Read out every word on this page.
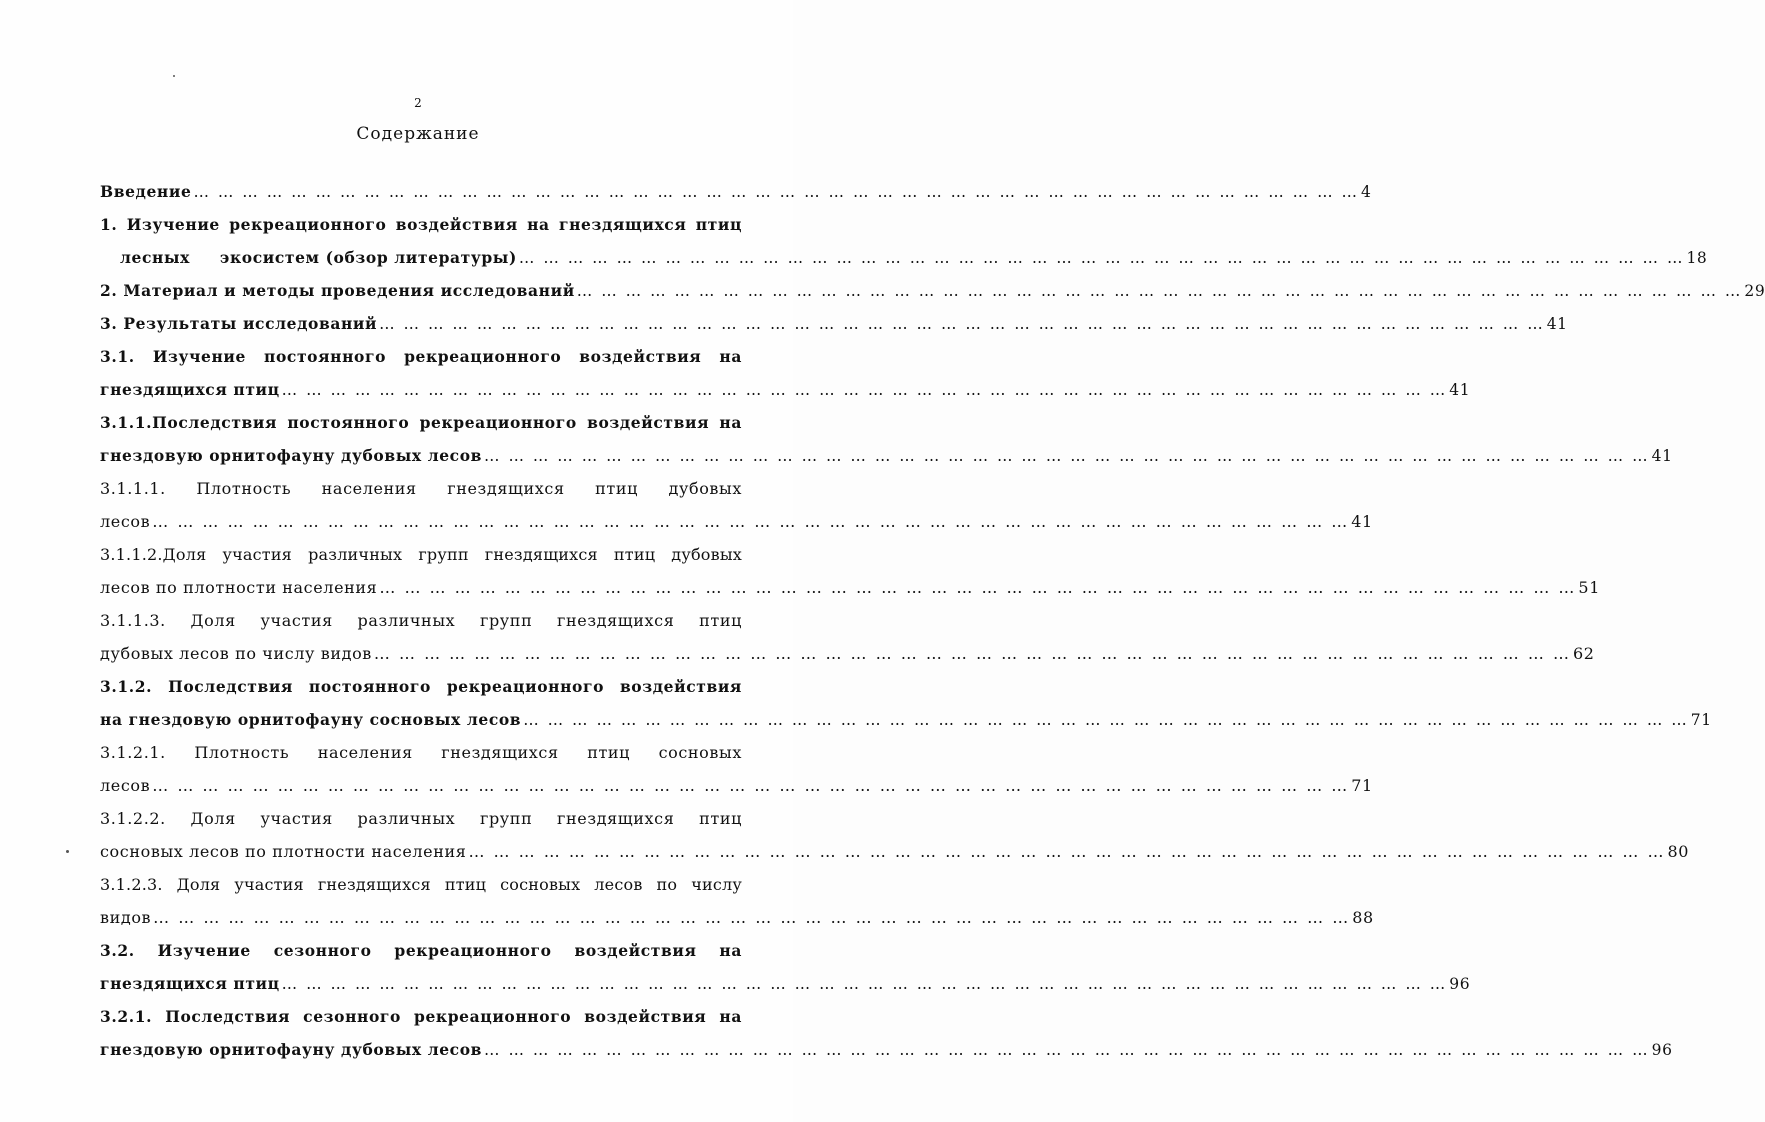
2
Содержание
Введение … … … … … … … … … … … … … … … … … … … … … … … … … … … … … … … … … … … … … … … … … … … … … … … … 4
1. Изучение рекреационного воздействия на гнездящихся птиц
лесных     экосистем (обзор литературы) … … … … … … … … … … … … … … … … … … … … … … … … … … … … … … … … … … … … … … … … … … … … … … … … 18
2. Материал и методы проведения исследований … … … … … … … … … … … … … … … … … … … … … … … … … … … … … … … … … … … … … … … … … … … … … … … … 29
3. Результаты исследований … … … … … … … … … … … … … … … … … … … … … … … … … … … … … … … … … … … … … … … … … … … … … … … … 41
3.1. Изучение постоянного рекреационного воздействия на
гнездящихся птиц … … … … … … … … … … … … … … … … … … … … … … … … … … … … … … … … … … … … … … … … … … … … … … … … 41
3.1.1.Последствия постоянного рекреационного воздействия на
гнездовую орнитофауну дубовых лесов … … … … … … … … … … … … … … … … … … … … … … … … … … … … … … … … … … … … … … … … … … … … … … … … 41
3.1.1.1. Плотность населения гнездящихся птиц дубовых
лесов … … … … … … … … … … … … … … … … … … … … … … … … … … … … … … … … … … … … … … … … … … … … … … … … 41
3.1.1.2.Доля участия различных групп гнездящихся птиц дубовых
лесов по плотности населения … … … … … … … … … … … … … … … … … … … … … … … … … … … … … … … … … … … … … … … … … … … … … … … … 51
3.1.1.3. Доля участия различных групп гнездящихся птиц
дубовых лесов по числу видов … … … … … … … … … … … … … … … … … … … … … … … … … … … … … … … … … … … … … … … … … … … … … … … … 62
3.1.2. Последствия постоянного рекреационного воздействия
на гнездовую орнитофауну сосновых лесов … … … … … … … … … … … … … … … … … … … … … … … … … … … … … … … … … … … … … … … … … … … … … … … … 71
3.1.2.1. Плотность населения гнездящихся птиц сосновых
лесов … … … … … … … … … … … … … … … … … … … … … … … … … … … … … … … … … … … … … … … … … … … … … … … … 71
3.1.2.2. Доля участия различных групп гнездящихся птиц
сосновых лесов по плотности населения … … … … … … … … … … … … … … … … … … … … … … … … … … … … … … … … … … … … … … … … … … … … … … … … 80
3.1.2.3. Доля участия гнездящихся птиц сосновых лесов по числу
видов … … … … … … … … … … … … … … … … … … … … … … … … … … … … … … … … … … … … … … … … … … … … … … … … 88
3.2. Изучение сезонного рекреационного воздействия на
гнездящихся птиц … … … … … … … … … … … … … … … … … … … … … … … … … … … … … … … … … … … … … … … … … … … … … … … … 96
3.2.1. Последствия сезонного рекреационного воздействия на
гнездовую орнитофауну дубовых лесов … … … … … … … … … … … … … … … … … … … … … … … … … … … … … … … … … … … … … … … … … … … … … … … … 96
